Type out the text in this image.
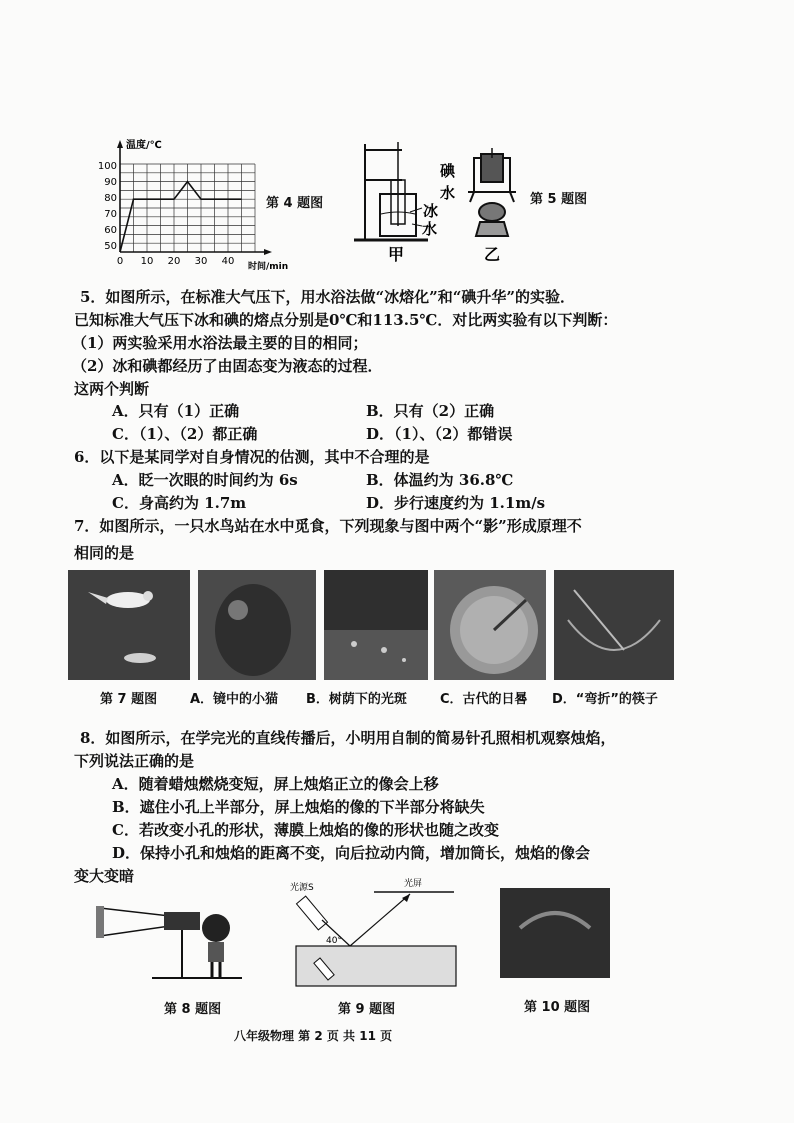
温度/℃
时间/min
100
90
80
70
60
50
0 10 20 30 40
第 4 题图	冰
水
甲
碘
水
乙
第 5 题图
5．如图所示，在标准大气压下，用水浴法做“冰熔化”和“碘升华”的实验．
已知标准大气压下冰和碘的熔点分别是0℃和113.5℃．对比两实验有以下判断：
（1）两实验采用水浴法最主要的目的相同；
（2）冰和碘都经历了由固态变为液态的过程．
这两个判断
A．只有（1）正确	B．只有（2）正确
C．（1）、（2）都正确	D．（1）、（2）都错误
6．以下是某同学对自身情况的估测，其中不合理的是
A．眨一次眼的时间约为 6s	B．体温约为 36.8℃
C．身高约为 1.7m	D．步行速度约为 1.1m/s
7．如图所示，一只水鸟站在水中觅食，下列现象与图中两个“影”形成原理不
相同的是
第 7 题图	A．镜中的小猫 B．树荫下的光斑	C．古代的日晷 D．“弯折”的筷子
8．如图所示，在学完光的直线传播后，小明用自制的简易针孔照相机观察烛焰，
下列说法正确的是
A．随着蜡烛燃烧变短，屏上烛焰正立的像会上移
B．遮住小孔上半部分，屏上烛焰的像的下半部分将缺失
C．若改变小孔的形状，薄膜上烛焰的像的形状也随之改变
D．保持小孔和烛焰的距离不变，向后拉动内筒，增加筒长，烛焰的像会
变大变暗
光源S	光屏
40°
第 8 题图	第 9 题图	第 10 题图
八年级物理 第 2 页 共 11 页
